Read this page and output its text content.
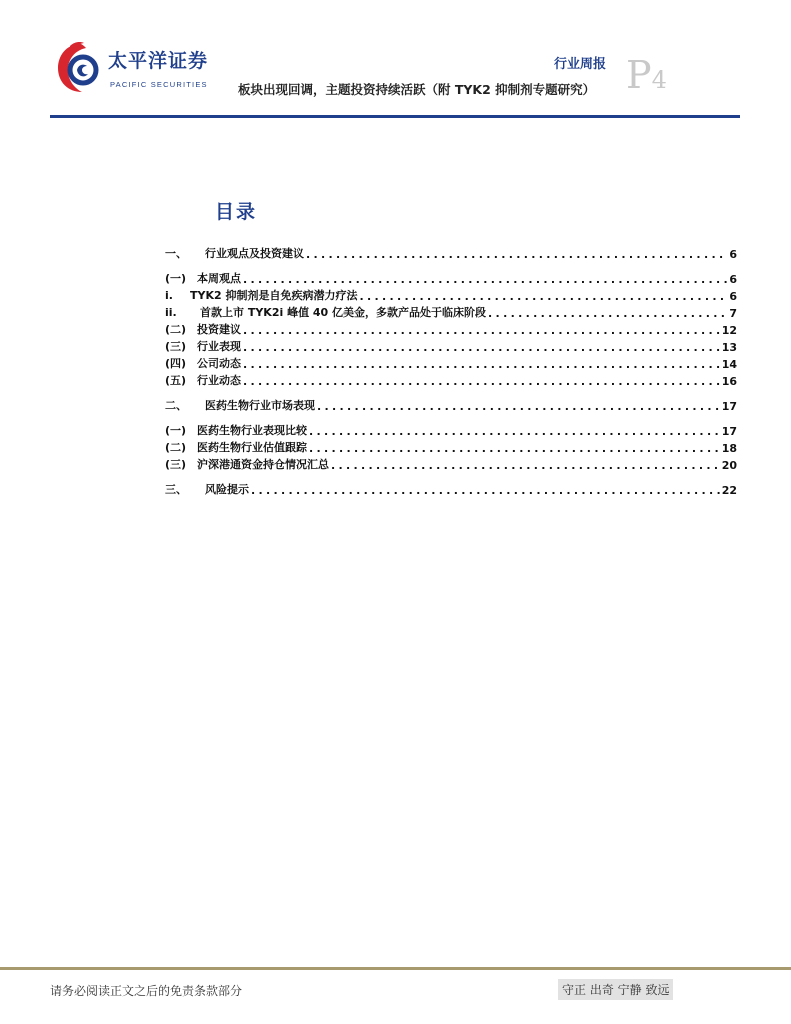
太平洋证券
PACIFIC SECURITIES
行业周报
板块出现回调，主题投资持续活跃（附 TYK2 抑制剂专题研究） P4
目录
一、 行业观点及投资建议 . . .	6
(一) 本周观点 . . .	6
i. TYK2 抑制剂是自免疾病潜力疗法 . . .	6
ii. 首款上市 TYK2i 峰值 40 亿美金，多款产品处于临床阶段 . . .	7
(二) 投资建议 . . .	12
(三) 行业表现 . . .	13
(四) 公司动态 . . .	14
(五) 行业动态 . . .	16
二、 医药生物行业市场表现 . . .	17
(一) 医药生物行业表现比较 . . .	17
(二) 医药生物行业估值跟踪 . . .	18
(三) 沪深港通资金持仓情况汇总 . . .	20
三、 风险提示 . . .	22
请务必阅读正文之后的免责条款部分	守正 出奇 宁静 致远
